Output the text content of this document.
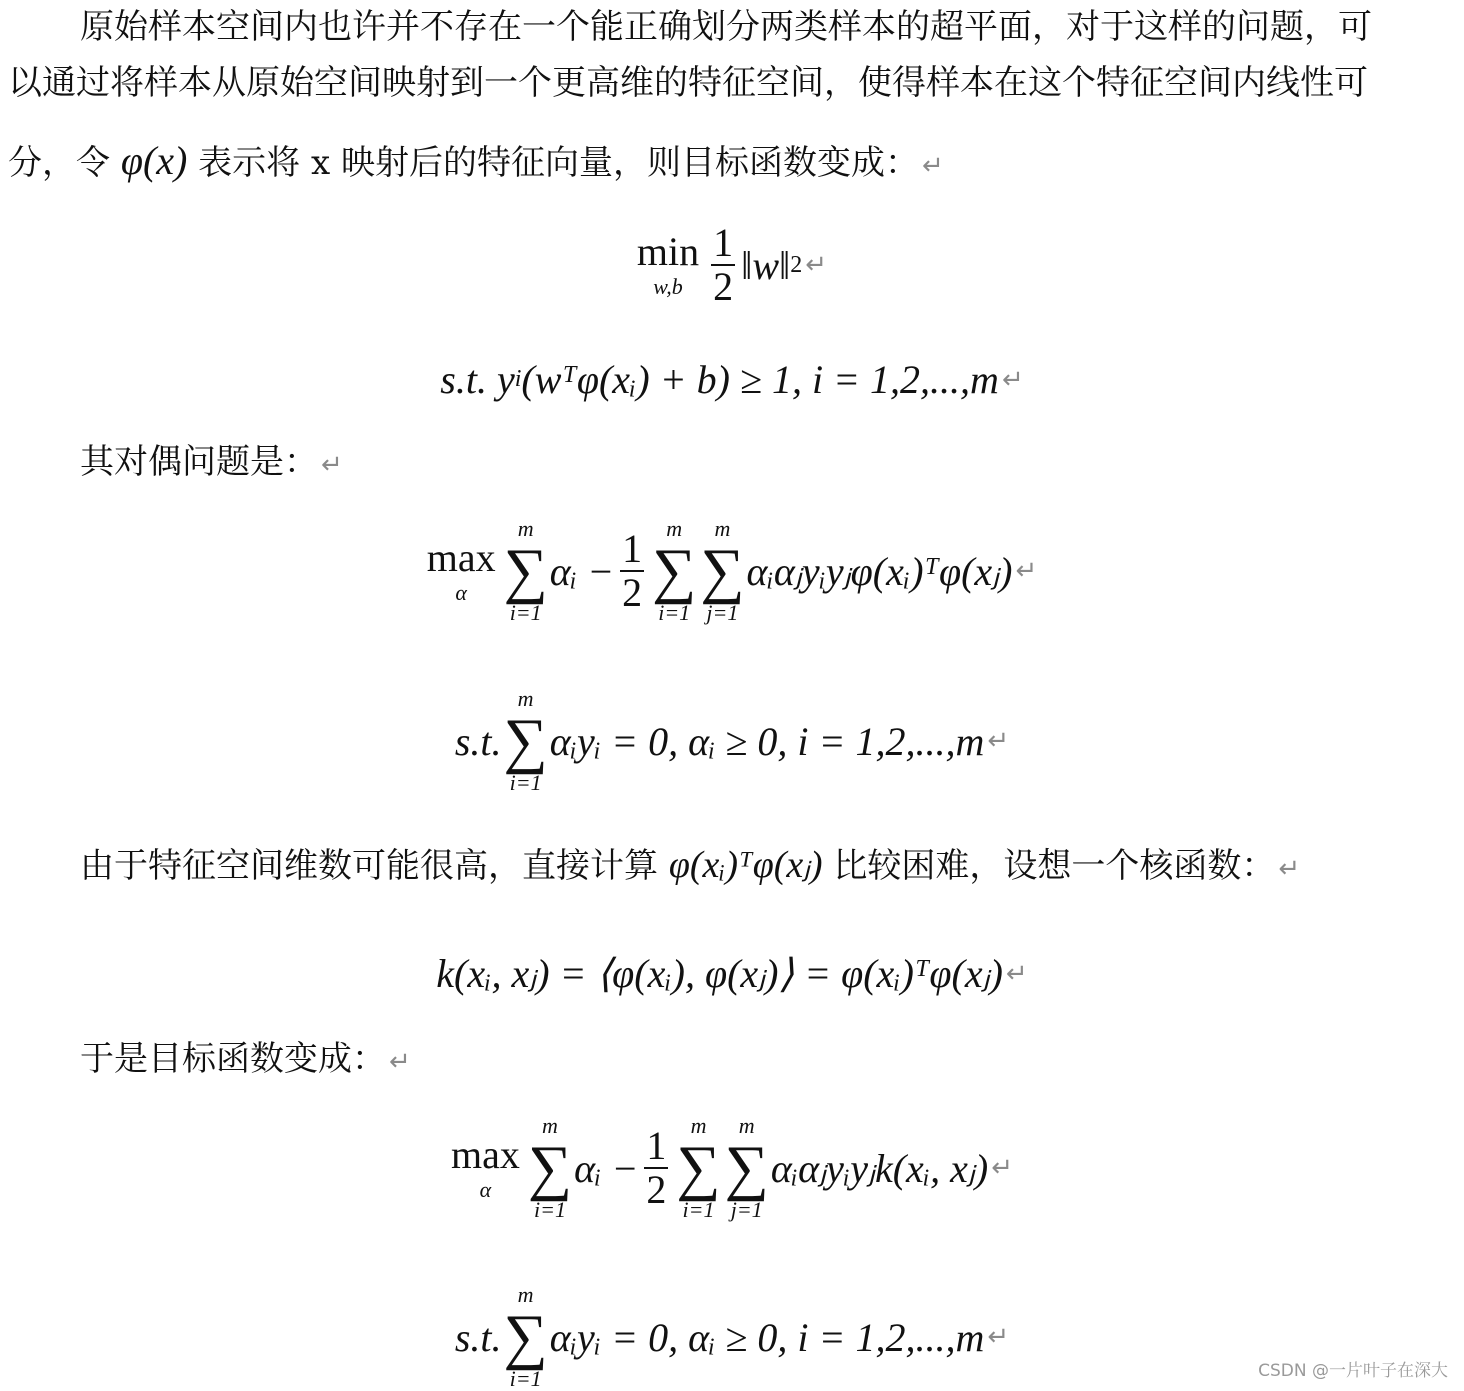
原始样本空间内也许并不存在一个能正确划分两类样本的超平面，对于这样的问题，可
以通过将样本从原始空间映射到一个更高维的特征空间，使得样本在这个特征空间内线性可
分，令 φ(x) 表示将 x 映射后的特征向量，则目标函数变成： ↵
min
$w,b \frac{1}{2}$ ‖w‖ 2 ↵
s.t. y i (wᵀφ(xᵢ) + b) ≥ 1, i = 1,2,...,m ↵
其对偶问题是： ↵
max
α
m
∑
i=1
αᵢ − $\frac{1}{2}$ m
∑
i=1
m
∑
j=1
αᵢαⱼyᵢyⱼφ(xᵢ)ᵀφ(xⱼ) ↵
s.t.
m
∑
i=1
αᵢyᵢ = 0, αᵢ ≥ 0, i = 1,2,...,m ↵
由于特征空间维数可能很高，直接计算 φ(xᵢ)ᵀφ(xⱼ) 比较困难，设想一个核函数： ↵
k(xᵢ, xⱼ) = ⟨φ(xᵢ), φ(xⱼ)⟩ = φ(xᵢ)ᵀφ(xⱼ) ↵
于是目标函数变成： ↵
max
α
m
∑
i=1
αᵢ − $\frac{1}{2}$ m
∑
i=1
m
∑
j=1
αᵢαⱼyᵢyⱼk(xᵢ, xⱼ) ↵
s.t.
m
∑
i=1
αᵢyᵢ = 0, αᵢ ≥ 0, i = 1,2,...,m ↵
CSDN @一片叶子在深大
